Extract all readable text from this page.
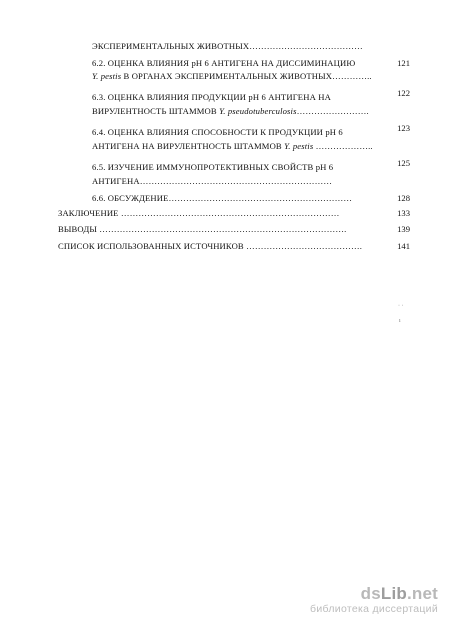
ЭКСПЕРИМЕНТАЛЬНЫХ ЖИВОТНЫХ…………………………………
6.2. ОЦЕНКА ВЛИЯНИЯ pH 6 АНТИГЕНА НА ДИССИМИНАЦИЮ	121
Y. pestis В ОРГАНАХ ЭКСПЕРИМЕНТАЛЬНЫХ ЖИВОТНЫХ…………..
6.3. ОЦЕНКА ВЛИЯНИЯ ПРОДУКЦИИ pH 6 АНТИГЕНА НА	122
ВИРУЛЕНТНОСТЬ ШТАММОВ Y. pseudotuberculosis…………………….
6.4. ОЦЕНКА ВЛИЯНИЯ СПОСОБНОСТИ К ПРОДУКЦИИ pH 6	123
АНТИГЕНА НА ВИРУЛЕНТНОСТЬ ШТАММОВ Y. pestis ………………..
6.5. ИЗУЧЕНИЕ ИММУНОПРОТЕКТИВНЫХ СВОЙСТВ pH 6	125
АНТИГЕНА…………………………………………………………
6.6. ОБСУЖДЕНИЕ………………………………………………………	128
ЗАКЛЮЧЕНИЕ …………………………………………………………………	133
ВЫВОДЫ ………………………………………………………………………….	139
СПИСОК ИСПОЛЬЗОВАННЫХ ИСТОЧНИКОВ ………………………………….	141
· ·
ı
dsLib.net
библиотека диссертаций
